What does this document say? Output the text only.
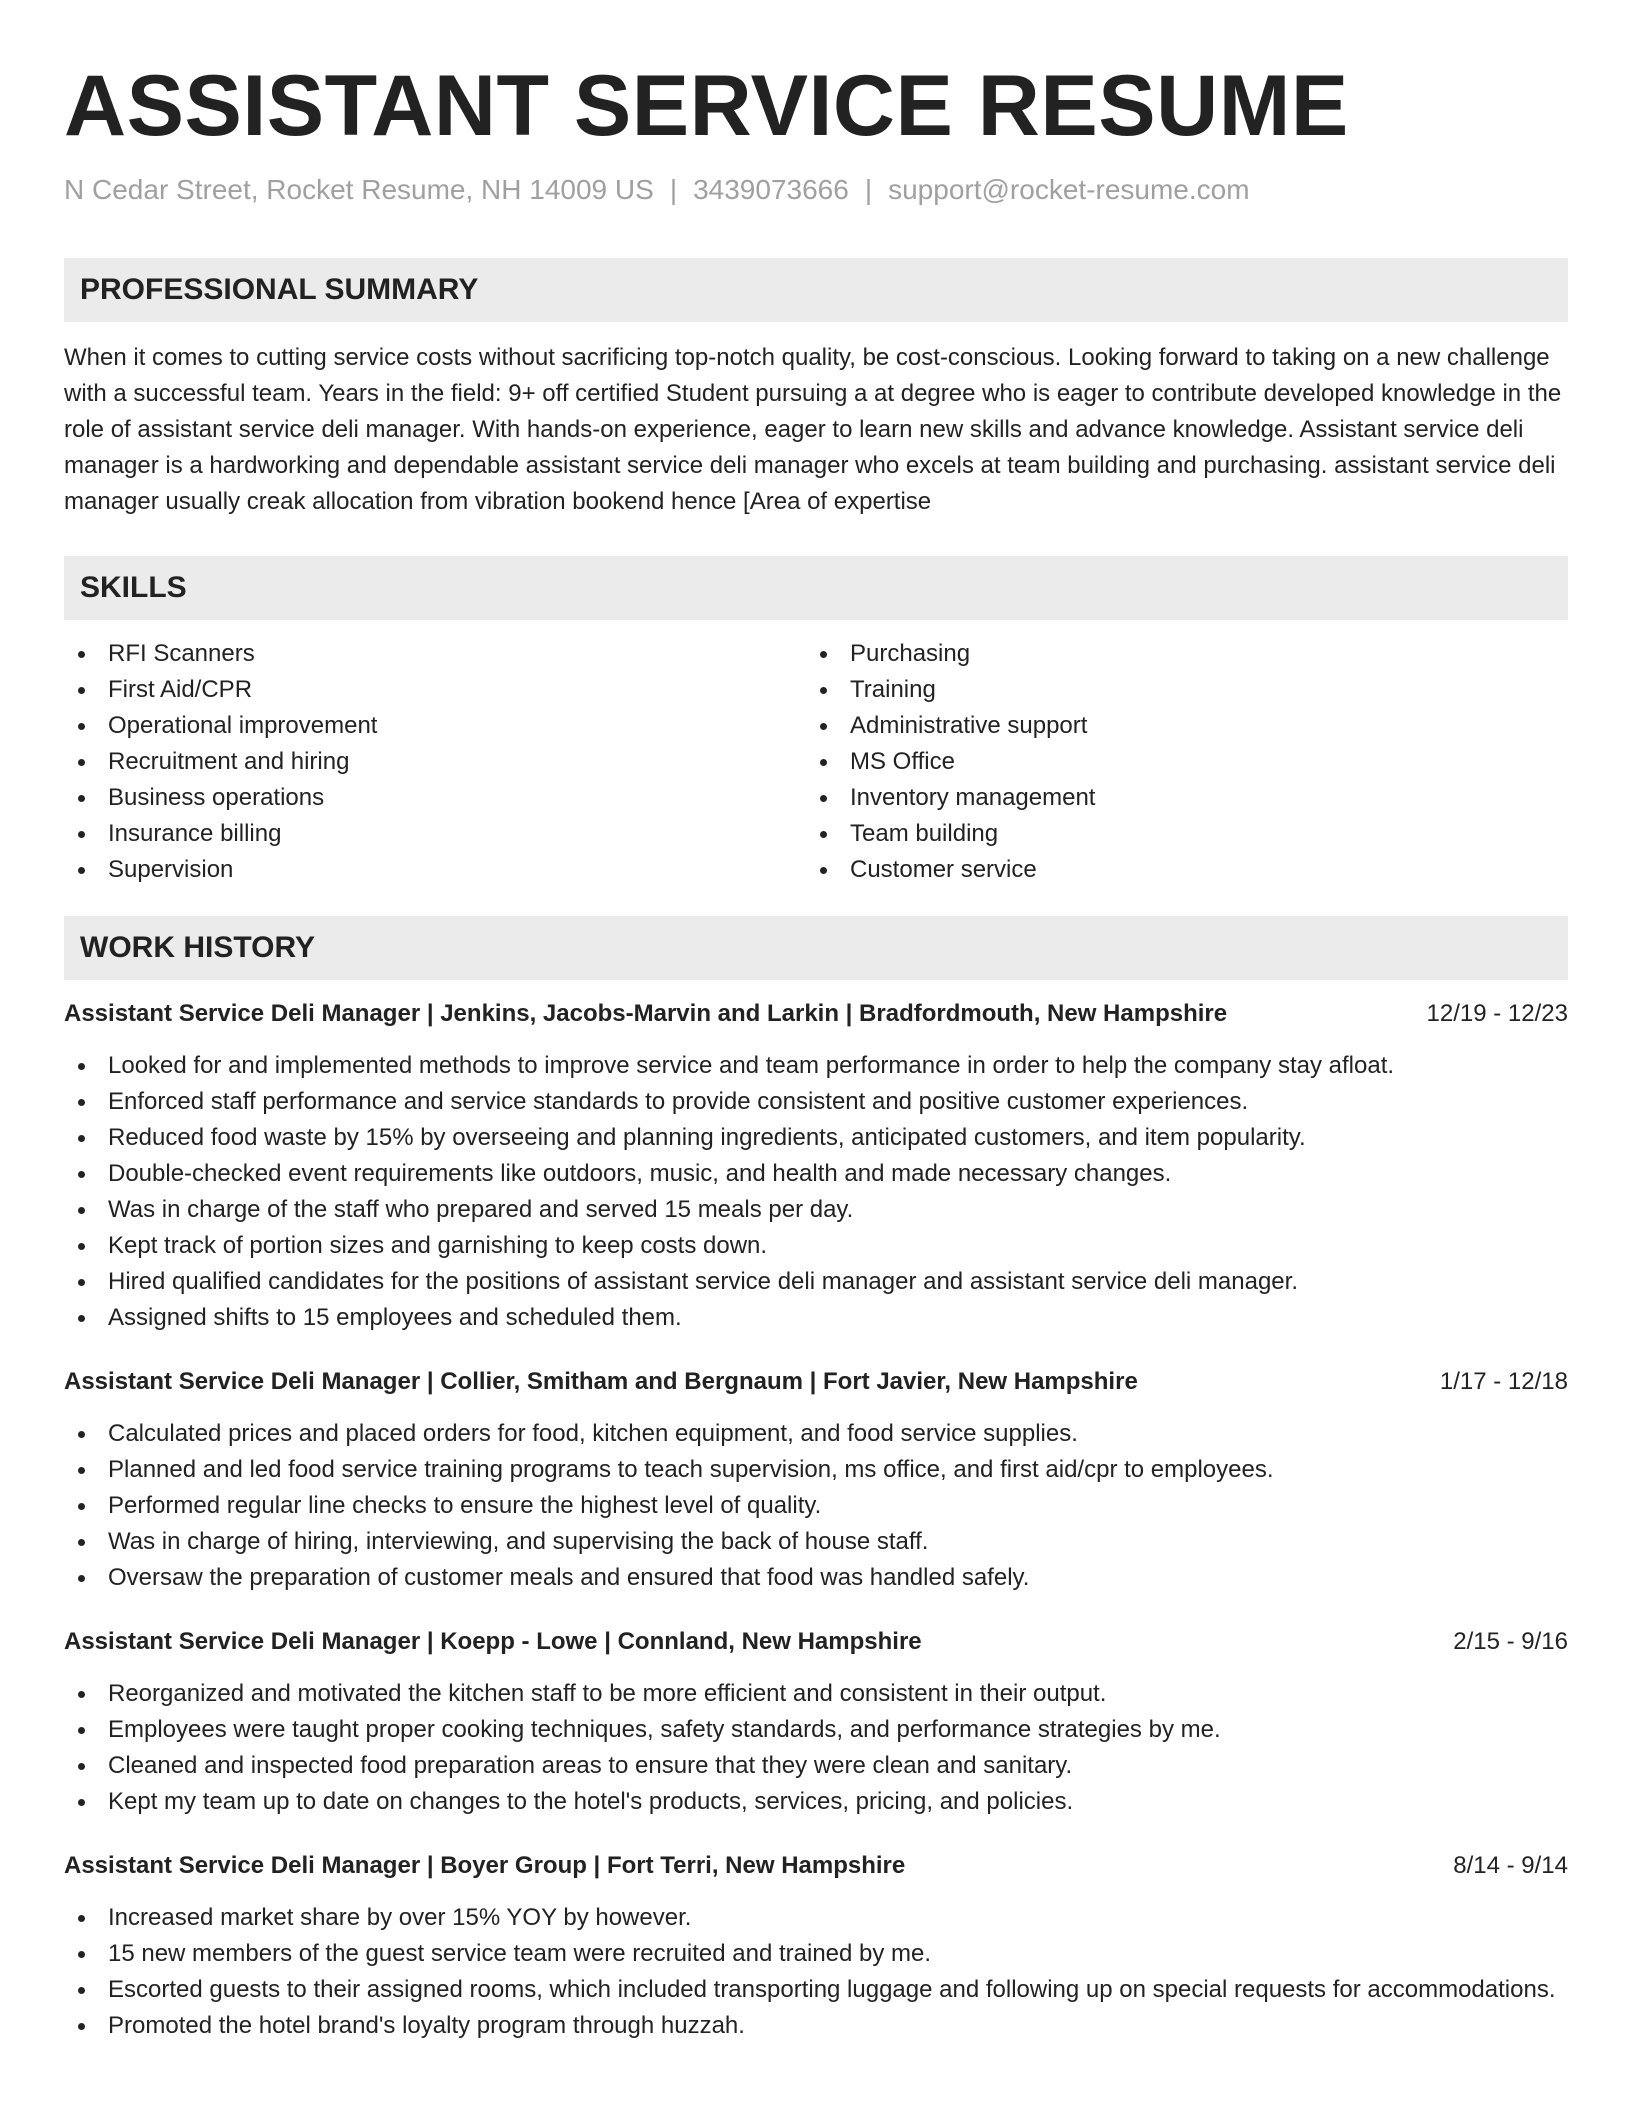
ASSISTANT SERVICE RESUME
N Cedar Street, Rocket Resume, NH 14009 US | 3439073666 | support@rocket-resume.com
PROFESSIONAL SUMMARY

When it comes to cutting service costs without sacrificing top-notch quality, be cost-conscious. Looking forward to taking on a new challenge with a successful team. Years in the field: 9+ off certified Student pursuing a at degree who is eager to contribute developed knowledge in the role of assistant service deli manager. With hands-on experience, eager to learn new skills and advance knowledge. Assistant service deli manager is a hardworking and dependable assistant service deli manager who excels at team building and purchasing. assistant service deli manager usually creak allocation from vibration bookend hence [Area of expertise

SKILLS
RFI Scanners
First Aid/CPR
Operational improvement
Recruitment and hiring
Business operations
Insurance billing
Supervision
Purchasing
Training
Administrative support
MS Office
Inventory management
Team building
Customer service
WORK HISTORY
Assistant Service Deli Manager | Jenkins, Jacobs-Marvin and Larkin | Bradfordmouth, New Hampshire	12/19 - 12/23
Looked for and implemented methods to improve service and team performance in order to help the company stay afloat.
Enforced staff performance and service standards to provide consistent and positive customer experiences.
Reduced food waste by 15% by overseeing and planning ingredients, anticipated customers, and item popularity.
Double-checked event requirements like outdoors, music, and health and made necessary changes.
Was in charge of the staff who prepared and served 15 meals per day.
Kept track of portion sizes and garnishing to keep costs down.
Hired qualified candidates for the positions of assistant service deli manager and assistant service deli manager.
Assigned shifts to 15 employees and scheduled them.
Assistant Service Deli Manager | Collier, Smitham and Bergnaum | Fort Javier, New Hampshire	1/17 - 12/18
Calculated prices and placed orders for food, kitchen equipment, and food service supplies.
Planned and led food service training programs to teach supervision, ms office, and first aid/cpr to employees.
Performed regular line checks to ensure the highest level of quality.
Was in charge of hiring, interviewing, and supervising the back of house staff.
Oversaw the preparation of customer meals and ensured that food was handled safely.
Assistant Service Deli Manager | Koepp - Lowe | Connland, New Hampshire	2/15 - 9/16
Reorganized and motivated the kitchen staff to be more efficient and consistent in their output.
Employees were taught proper cooking techniques, safety standards, and performance strategies by me.
Cleaned and inspected food preparation areas to ensure that they were clean and sanitary.
Kept my team up to date on changes to the hotel's products, services, pricing, and policies.
Assistant Service Deli Manager | Boyer Group | Fort Terri, New Hampshire	8/14 - 9/14
Increased market share by over 15% YOY by however.
15 new members of the guest service team were recruited and trained by me.
Escorted guests to their assigned rooms, which included transporting luggage and following up on special requests for accommodations.
Promoted the hotel brand's loyalty program through huzzah.
